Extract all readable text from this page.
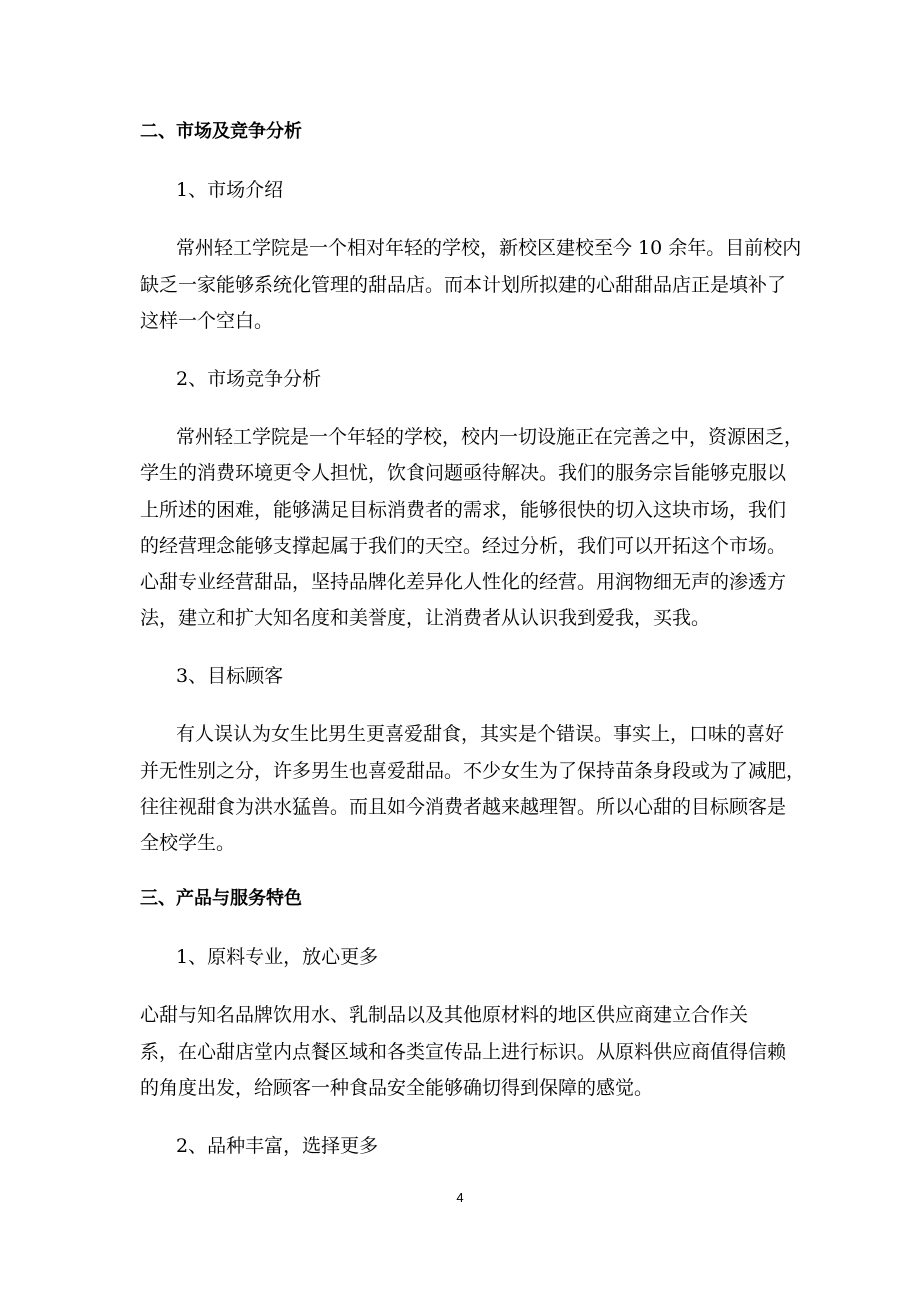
二、市场及竞争分析
1、市场介绍
常州轻工学院是一个相对年轻的学校，新校区建校至今 10 余年。目前校内
缺乏一家能够系统化管理的甜品店。而本计划所拟建的心甜甜品店正是填补了
这样一个空白。
2、市场竞争分析
常州轻工学院是一个年轻的学校，校内一切设施正在完善之中，资源困乏，
学生的消费环境更令人担忧，饮食问题亟待解决。我们的服务宗旨能够克服以
上所述的困难，能够满足目标消费者的需求，能够很快的切入这块市场，我们
的经营理念能够支撑起属于我们的天空。经过分析，我们可以开拓这个市场。
心甜专业经营甜品，坚持品牌化差异化人性化的经营。用润物细无声的渗透方
法，建立和扩大知名度和美誉度，让消费者从认识我到爱我，买我。
3、目标顾客
有人误认为女生比男生更喜爱甜食，其实是个错误。事实上，口味的喜好
并无性别之分，许多男生也喜爱甜品。不少女生为了保持苗条身段或为了减肥，
往往视甜食为洪水猛兽。而且如今消费者越来越理智。所以心甜的目标顾客是
全校学生。
三、产品与服务特色
1、原料专业，放心更多
心甜与知名品牌饮用水、乳制品以及其他原材料的地区供应商建立合作关
系，在心甜店堂内点餐区域和各类宣传品上进行标识。从原料供应商值得信赖
的角度出发，给顾客一种食品安全能够确切得到保障的感觉。
2、品种丰富，选择更多
4
